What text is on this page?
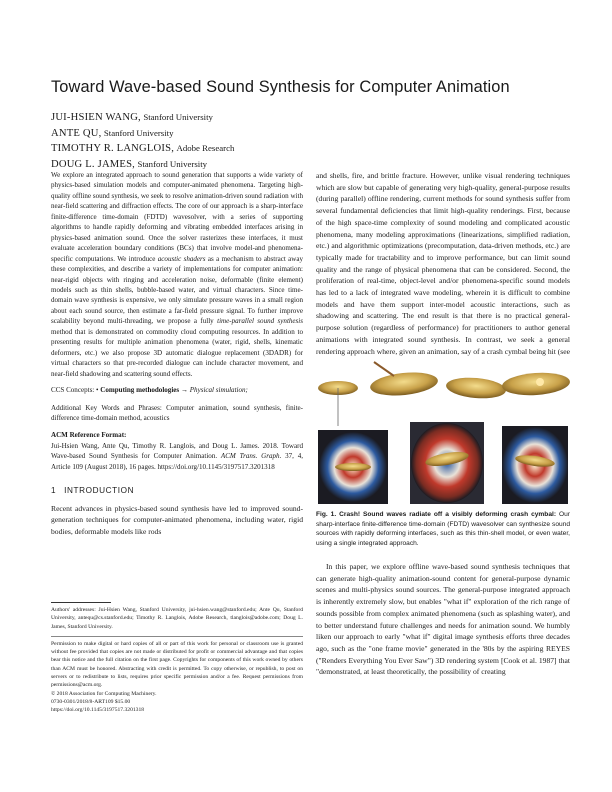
Toward Wave-based Sound Synthesis for Computer Animation
JUI-HSIEN WANG, Stanford University
ANTE QU, Stanford University
TIMOTHY R. LANGLOIS, Adobe Research
DOUG L. JAMES, Stanford University

We explore an integrated approach to sound generation that supports a wide variety of physics-based simulation models and computer-animated phenomena. Targeting high-quality offline sound synthesis, we seek to resolve animation-driven sound radiation with near-field scattering and diffraction effects. The core of our approach is a sharp-interface finite-difference time-domain (FDTD) wavesolver, with a series of supporting algorithms to handle rapidly deforming and vibrating embedded interfaces arising in physics-based animation sound. Once the solver rasterizes these interfaces, it must evaluate acceleration boundary conditions (BCs) that involve model-and phenomena-specific computations. We introduce acoustic shaders as a mechanism to abstract away these complexities, and describe a variety of implementations for computer animation: near-rigid objects with ringing and acceleration noise, deformable (finite element) models such as thin shells, bubble-based water, and virtual characters. Since time-domain wave synthesis is expensive, we only simulate pressure waves in a small region about each sound source, then estimate a far-field pressure signal. To further improve scalability beyond multi-threading, we propose a fully time-parallel sound synthesis method that is demonstrated on commodity cloud computing resources. In addition to presenting results for multiple animation phenomena (water, rigid, shells, kinematic deformers, etc.) we also propose 3D automatic dialogue replacement (3DADR) for virtual characters so that pre-recorded dialogue can include character movement, and near-field shadowing and scattering sound effects.

CCS Concepts: • Computing methodologies → Physical simulation;

Additional Key Words and Phrases: Computer animation, sound synthesis, finite-difference time-domain method, acoustics

ACM Reference Format:

Jui-Hsien Wang, Ante Qu, Timothy R. Langlois, and Doug L. James. 2018. Toward Wave-based Sound Synthesis for Computer Animation. ACM Trans. Graph. 37, 4, Article 109 (August 2018), 16 pages. https://doi.org/10.1145/3197517.3201318

1 INTRODUCTION

Recent advances in physics-based sound synthesis have led to improved sound-generation techniques for computer-animated phenomena, including water, rigid bodies, deformable models like rods

Authors' addresses: Jui-Hsien Wang, Stanford University, jui-hsien.wang@stanford.edu; Ante Qu, Stanford University, antequ@cs.stanford.edu; Timothy R. Langlois, Adobe Research, tlanglois@adobe.com; Doug L. James, Stanford University.

Permission to make digital or hard copies of all or part of this work for personal or classroom use is granted without fee provided that copies are not made or distributed for profit or commercial advantage and that copies bear this notice and the full citation on the first page. Copyrights for components of this work owned by others than ACM must be honored. Abstracting with credit is permitted. To copy otherwise, or republish, to post on servers or to redistribute to lists, requires prior specific permission and/or a fee. Request permissions from permissions@acm.org.

© 2018 Association for Computing Machinery.
0730-0301/2018/8-ART109 $15.00
https://doi.org/10.1145/3197517.3201318

and shells, fire, and brittle fracture. However, unlike visual rendering techniques which are slow but capable of generating very high-quality, general-purpose results (during parallel) offline rendering, current methods for sound synthesis suffer from several fundamental deficiencies that limit high-quality renderings. First, because of the high space-time complexity of sound modeling and complicated acoustic phenomena, many modeling approximations (linearizations, simplified radiation, etc.) and algorithmic optimizations (precomputation, data-driven methods, etc.) are typically made for tractability and to improve performance, but can limit sound quality and the range of physical phenomena that can be considered. Second, the proliferation of real-time, object-level and/or phenomena-specific sound models has led to a lack of integrated wave modeling, wherein it is difficult to combine models and have them support inter-model acoustic interactions, such as shadowing and scattering. The end result is that there is no practical general-purpose solution (regardless of performance) for practitioners to author general animations with integrated sound synthesis. In contrast, we seek a general rendering approach where, given an animation, say of a crash cymbal being hit (see

Fig. 1. Crash! Sound waves radiate off a visibly deforming crash cymbal: Our sharp-interface finite-difference time-domain (FDTD) wavesolver can synthesize sound sources with rapidly deforming interfaces, such as this thin-shell model, or even water, using a single integrated approach.

In this paper, we explore offline wave-based sound synthesis techniques that can generate high-quality animation-sound content for general-purpose dynamic scenes and multi-physics sound sources. The general-purpose integrated approach is inherently extremely slow, but enables "what if" exploration of the rich range of sounds possible from complex animated phenomena (such as splashing water), and to better understand future challenges and needs for animation sound. We humbly liken our approach to early "what if" digital image synthesis efforts three decades ago, such as the "one frame movie" generated in the '80s by the aspiring REYES ("Renders Everything You Ever Saw") 3D rendering system [Cook et al. 1987] that "demonstrated, at least theoretically, the possibility of creating
